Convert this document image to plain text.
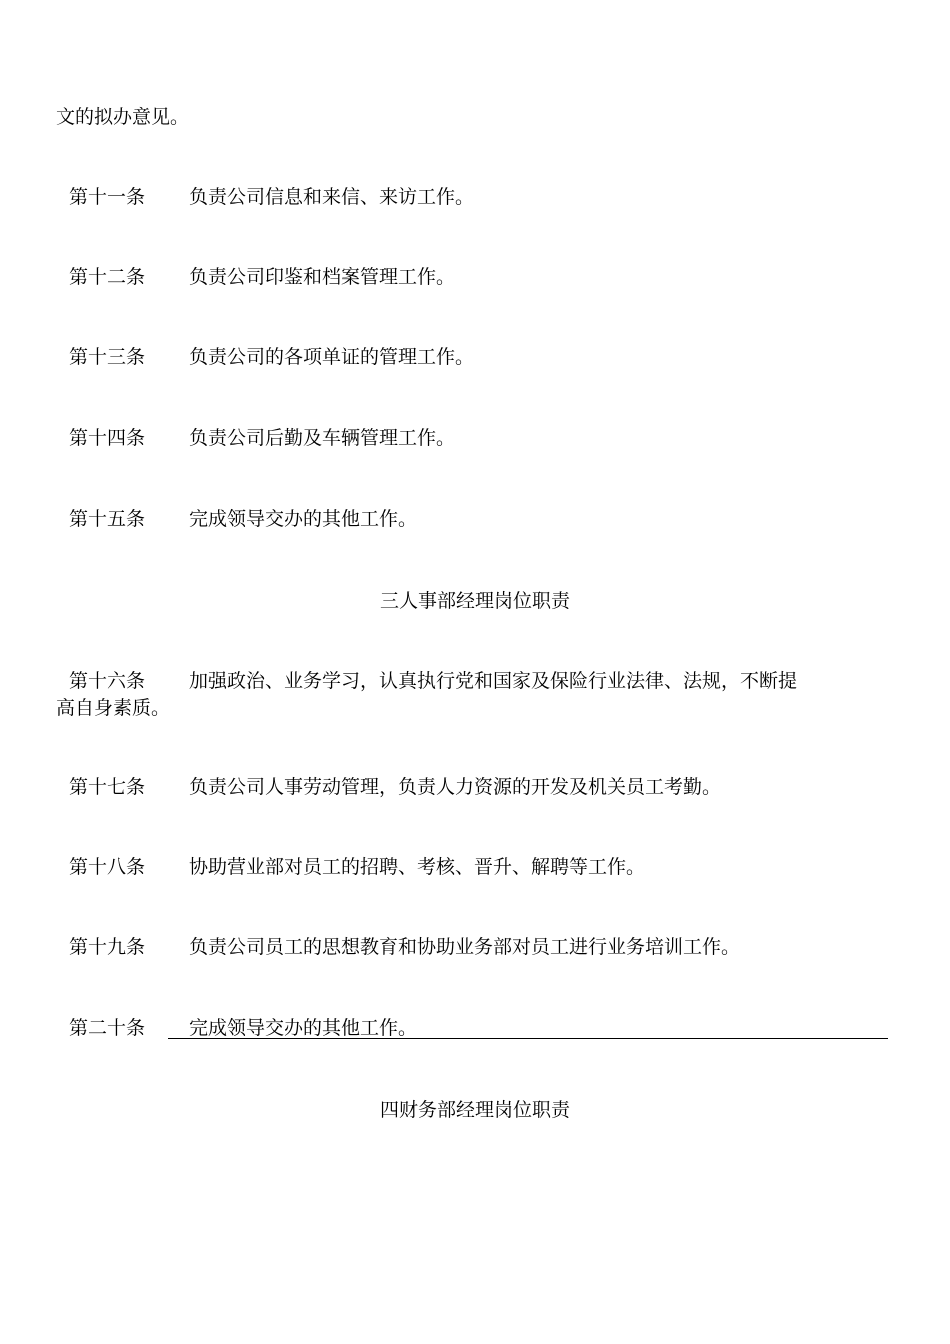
文的拟办意见。
第十一条 负责公司信息和来信、来访工作。
第十二条 负责公司印鉴和档案管理工作。
第十三条 负责公司的各项单证的管理工作。
第十四条 负责公司后勤及车辆管理工作。
第十五条 完成领导交办的其他工作。
三人事部经理岗位职责
第十六条 加强政治、业务学习，认真执行党和国家及保险行业法律、法规，不断提
高自身素质。
第十七条 负责公司人事劳动管理，负责人力资源的开发及机关员工考勤。
第十八条 协助营业部对员工的招聘、考核、晋升、解聘等工作。
第十九条 负责公司员工的思想教育和协助业务部对员工进行业务培训工作。
第二十条 完成领导交办的其他工作。
四财务部经理岗位职责
